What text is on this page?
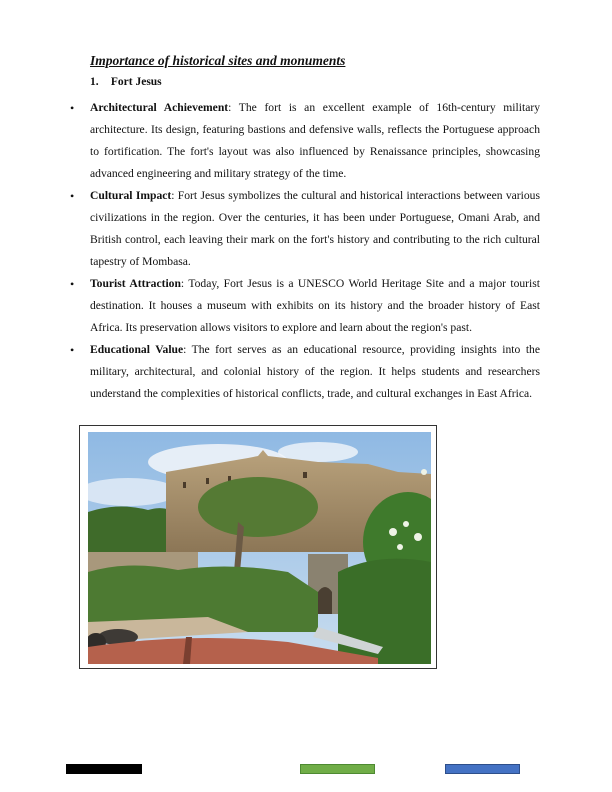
Importance of historical sites and monuments

1. Fort Jesus

• Architectural Achievement: The fort is an excellent example of 16th-century military architecture. Its design, featuring bastions and defensive walls, reflects the Portuguese approach to fortification. The fort's layout was also influenced by Renaissance principles, showcasing advanced engineering and military strategy of the time.
• Cultural Impact: Fort Jesus symbolizes the cultural and historical interactions between various civilizations in the region. Over the centuries, it has been under Portuguese, Omani Arab, and British control, each leaving their mark on the fort's history and contributing to the rich cultural tapestry of Mombasa.
• Tourist Attraction: Today, Fort Jesus is a UNESCO World Heritage Site and a major tourist destination. It houses a museum with exhibits on its history and the broader history of East Africa. Its preservation allows visitors to explore and learn about the region's past.
• Educational Value: The fort serves as an educational resource, providing insights into the military, architectural, and colonial history of the region. It helps students and researchers understand the complexities of historical conflicts, trade, and cultural exchanges in East Africa.
